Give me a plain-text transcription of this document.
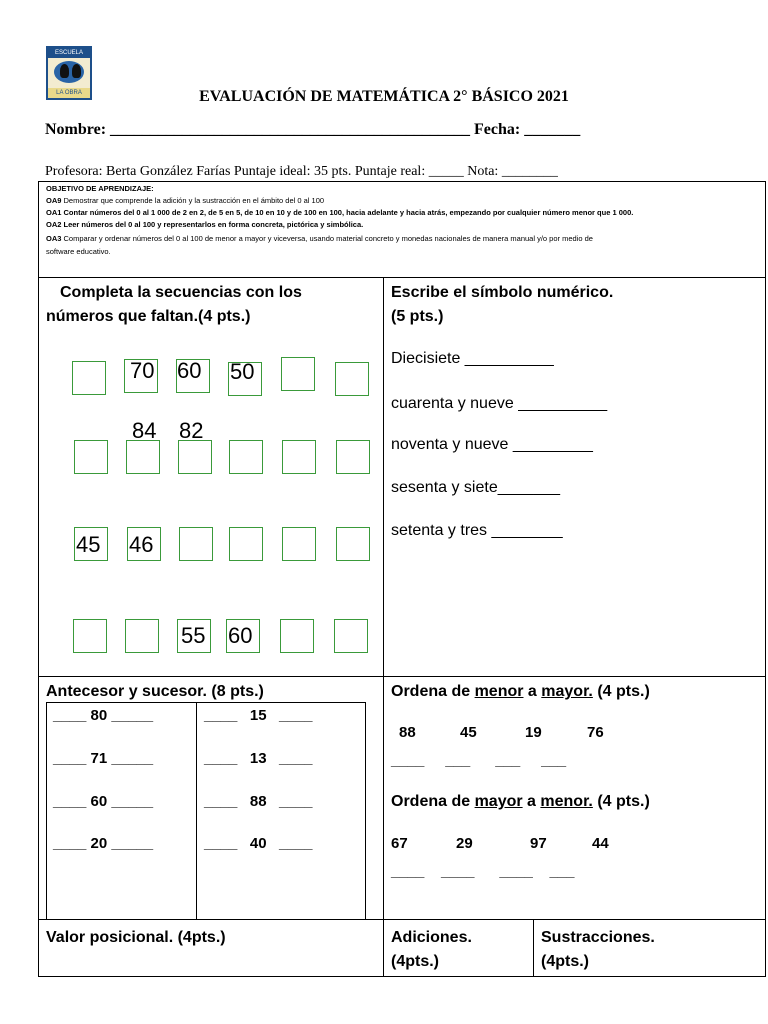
ESCUELA
LA OBRA	EVALUACIÓN DE MATEMÁTICA 2° BÁSICO 2021
Nombre: _____________________________________________ Fecha: _______
Profesora: Berta González Farías Puntaje ideal: 35 pts. Puntaje real: _____ Nota: ________
OBJETIVO DE APRENDIZAJE:
OA9 Demostrar que comprende la adición y la sustracción en el ámbito del 0 al 100
OA1 Contar números del 0 al 1 000 de 2 en 2, de 5 en 5, de 10 en 10 y de 100 en 100, hacia adelante y hacia atrás, empezando por cualquier número menor que 1 000.
OA2 Leer números del 0 al 100 y representarlos en forma concreta, pictórica y simbólica.
OA3 Comparar y ordenar números del 0 al 100 de menor a mayor y viceversa, usando material concreto y monedas nacionales de manera manual y/o por medio de
software educativo.
Completa la secuencias con los
números que faltan.(4 pts.)
70 60 50
84 82
45 46
55 60
Escribe el símbolo numérico.
(5 pts.)
Diecisiete __________
cuarenta y nueve __________
noventa y nueve _________
sesenta y siete_______
setenta y tres ________
Antecesor y sucesor. (8 pts.)
____ 80 _____
____ 71 _____
____ 60 _____
____ 20 _____
____   15   ____
____   13   ____
____   88   ____
____   40   ____
Ordena de menor a mayor. (4 pts.)
88	45	19	76
____     ___      ___     ___
Ordena de mayor a menor. (4 pts.)
67	29	97	44
____    ____      ____    ___
Valor posicional. (4pts.)	Adiciones.
(4pts.)
Sustracciones.
(4pts.)
